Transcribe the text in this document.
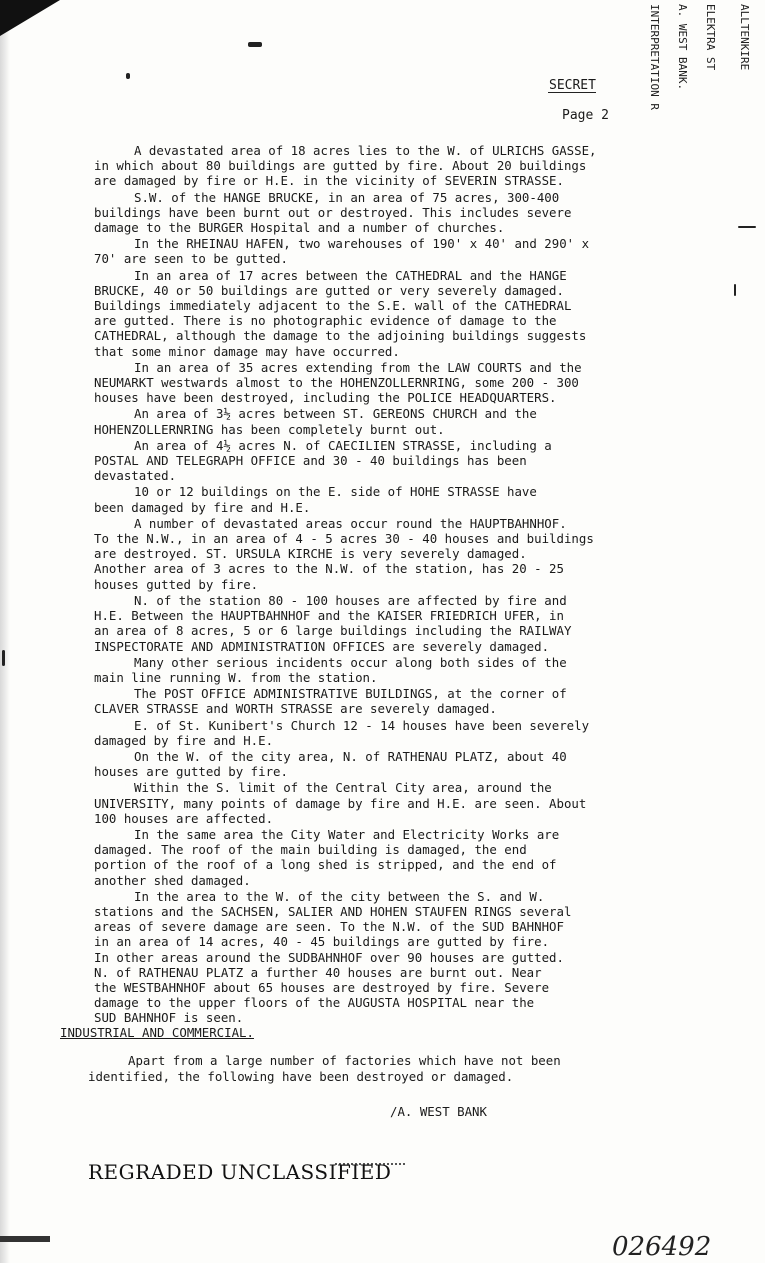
INTERPRETATION R A. WEST BANK. ELEKTRA ST ALLTENKIRE
SECRET
Page 2

A devastated area of 18 acres lies to the W. of ULRICHS GASSE,
in which about 80 buildings are gutted by fire. About 20 buildings
are damaged by fire or H.E. in the vicinity of SEVERIN STRASSE.

S.W. of the HANGE BRUCKE, in an area of 75 acres, 300-400
buildings have been burnt out or destroyed. This includes severe
damage to the BURGER Hospital and a number of churches.

In the RHEINAU HAFEN, two warehouses of 190' x 40' and 290' x
70' are seen to be gutted.

In an area of 17 acres between the CATHEDRAL and the HANGE
BRUCKE, 40 or 50 buildings are gutted or very severely damaged.
Buildings immediately adjacent to the S.E. wall of the CATHEDRAL
are gutted. There is no photographic evidence of damage to the
CATHEDRAL, although the damage to the adjoining buildings suggests
that some minor damage may have occurred.

In an area of 35 acres extending from the LAW COURTS and the
NEUMARKT westwards almost to the HOHENZOLLERNRING, some 200 - 300
houses have been destroyed, including the POLICE HEADQUARTERS.

An area of 3½ acres between ST. GEREONS CHURCH and the
HOHENZOLLERNRING has been completely burnt out.

An area of 4½ acres N. of CAECILIEN STRASSE, including a
POSTAL AND TELEGRAPH OFFICE and 30 - 40 buildings has been
devastated.

10 or 12 buildings on the E. side of HOHE STRASSE have
been damaged by fire and H.E.

A number of devastated areas occur round the HAUPTBAHNHOF.
To the N.W., in an area of 4 - 5 acres 30 - 40 houses and buildings
are destroyed. ST. URSULA KIRCHE is very severely damaged.
Another area of 3 acres to the N.W. of the station, has 20 - 25
houses gutted by fire.

N. of the station 80 - 100 houses are affected by fire and
H.E. Between the HAUPTBAHNHOF and the KAISER FRIEDRICH UFER, in
an area of 8 acres, 5 or 6 large buildings including the RAILWAY
INSPECTORATE AND ADMINISTRATION OFFICES are severely damaged.

Many other serious incidents occur along both sides of the
main line running W. from the station.

The POST OFFICE ADMINISTRATIVE BUILDINGS, at the corner of
CLAVER STRASSE and WORTH STRASSE are severely damaged.

E. of St. Kunibert's Church 12 - 14 houses have been severely
damaged by fire and H.E.

On the W. of the city area, N. of RATHENAU PLATZ, about 40
houses are gutted by fire.

Within the S. limit of the Central City area, around the
UNIVERSITY, many points of damage by fire and H.E. are seen. About
100 houses are affected.

In the same area the City Water and Electricity Works are
damaged. The roof of the main building is damaged, the end
portion of the roof of a long shed is stripped, and the end of
another shed damaged.

In the area to the W. of the city between the S. and W.
stations and the SACHSEN, SALIER AND HOHEN STAUFEN RINGS several
areas of severe damage are seen. To the N.W. of the SUD BAHNHOF
in an area of 14 acres, 40 - 45 buildings are gutted by fire.
In other areas around the SUDBAHNHOF over 90 houses are gutted.
N. of RATHENAU PLATZ a further 40 houses are burnt out. Near
the WESTBAHNHOF about 65 houses are destroyed by fire. Severe
damage to the upper floors of the AUGUSTA HOSPITAL near the
SUD BAHNHOF is seen.

INDUSTRIAL AND COMMERCIAL.

Apart from a large number of factories which have not been identified, the following have been destroyed or damaged.

/A. WEST BANK
REGRADED UNCLASSIFIED
026492
